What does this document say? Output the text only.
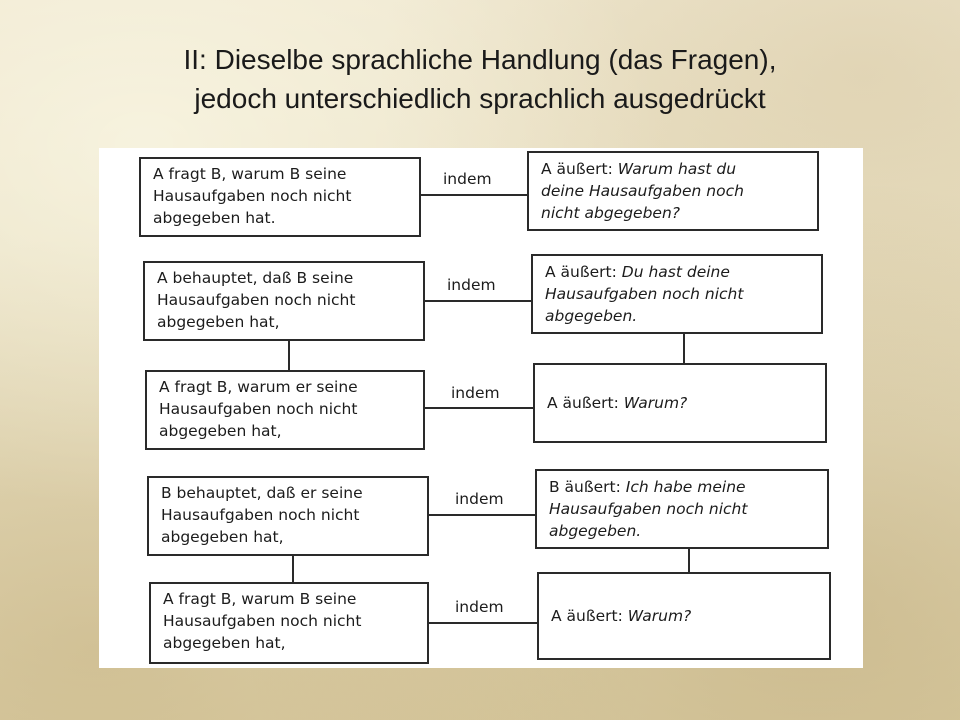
II: Dieselbe sprachliche Handlung (das Fragen),
jedoch unterschiedlich sprachlich ausgedrückt
A fragt B, warum B seine
Hausaufgaben noch nicht
abgegeben hat.
indem
A äußert: Warum hast du
deine Hausaufgaben noch
nicht abgegeben?
A behauptet, daß B seine
Hausaufgaben noch nicht
abgegeben hat,
indem
A äußert: Du hast deine
Hausaufgaben noch nicht
abgegeben.
A fragt B, warum er seine
Hausaufgaben noch nicht
abgegeben hat,
indem
A äußert: Warum?
B behauptet, daß er seine
Hausaufgaben noch nicht
abgegeben hat,
indem
B äußert: Ich habe meine
Hausaufgaben noch nicht
abgegeben.
A fragt B, warum B seine
Hausaufgaben noch nicht
abgegeben hat,
indem	A äußert: Warum?
